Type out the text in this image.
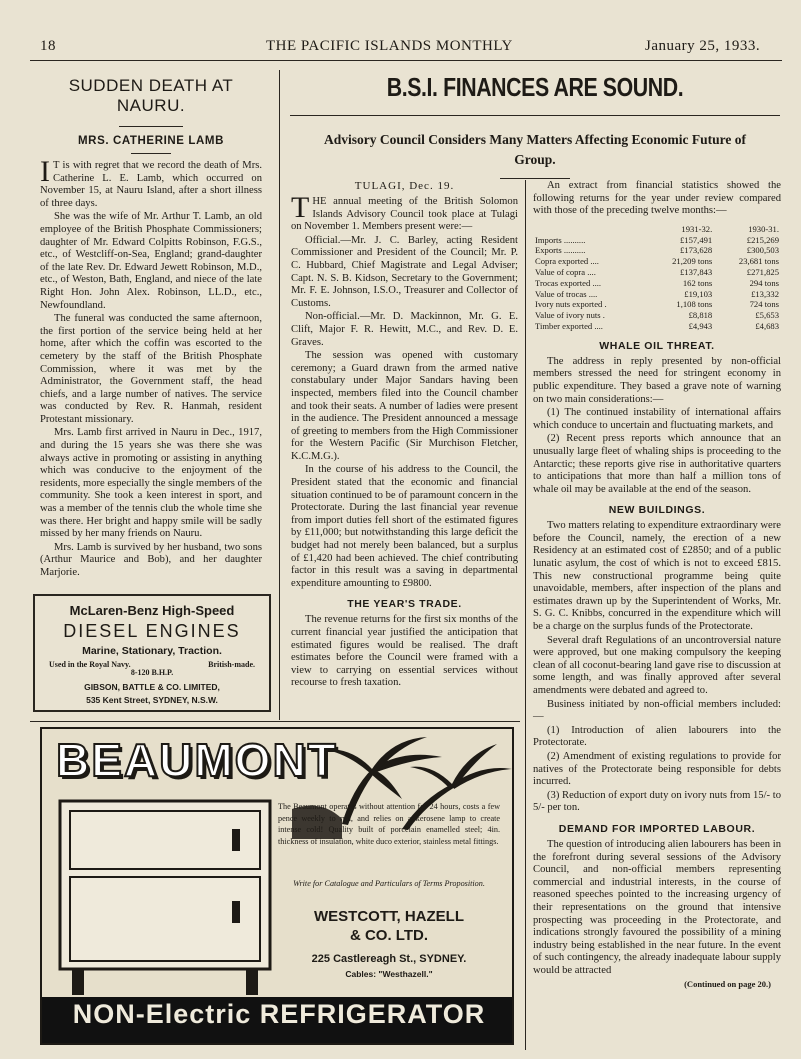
18	THE PACIFIC ISLANDS MONTHLY	January 25, 1933.
SUDDEN DEATH AT NAURU.
MRS. CATHERINE LAMB

I T is with regret that we record the death of Mrs. Catherine L. E. Lamb, which occurred on November 15, at Nauru Island, after a short illness of three days.

She was the wife of Mr. Arthur T. Lamb, an old employee of the British Phosphate Commissioners; daughter of Mr. Edward Colpitts Robinson, F.G.S., etc., of Westcliff-on-Sea, England; grand-daughter of the late Rev. Dr. Edward Jewett Robinson, M.D., etc., of Weston, Bath, England, and niece of the late Right Hon. John Alex. Robinson, LL.D., etc., Newfoundland.

The funeral was conducted the same afternoon, the first portion of the service being held at her home, after which the coffin was escorted to the cemetery by the staff of the British Phosphate Commission, where it was met by the Administrator, the Government staff, the head chiefs, and a large number of natives. The service was conducted by Rev. R. Hanmah, resident Protestant missionary.

Mrs. Lamb first arrived in Nauru in Dec., 1917, and during the 15 years she was there she was always active in promoting or assisting in anything which was conducive to the enjoyment of the residents, more especially the single members of the community. She took a keen interest in sport, and was a member of the tennis club the whole time she was there. Her bright and happy smile will be sadly missed by her many friends on Nauru.

Mrs. Lamb is survived by her husband, two sons (Arthur Maurice and Bob), and her daughter Marjorie.

McLaren-Benz High-Speed
DIESEL ENGINES
Marine, Stationary, Traction.
Used in the Royal Navy.	British-made.
8-120 B.H.P.
GIBSON, BATTLE & CO. LIMITED,
535 Kent Street, SYDNEY, N.S.W.
B.S.I. FINANCES ARE SOUND.
Advisory Council Considers Many Matters Affecting Economic Future of Group.
TULAGI, Dec. 19.

THE annual meeting of the British Solomon Islands Advisory Council took place at Tulagi on November 1. Members present were:—

Official.—Mr. J. C. Barley, acting Resident Commissioner and President of the Council; Mr. P. C. Hubbard, Chief Magistrate and Legal Adviser; Capt. N. S. B. Kidson, Secretary to the Government; Mr. F. E. Johnson, I.S.O., Treasurer and Collector of Customs.

Non-official.—Mr. D. Mackinnon, Mr. G. E. Clift, Major F. R. Hewitt, M.C., and Rev. D. E. Graves.

The session was opened with customary ceremony; a Guard drawn from the armed native constabulary under Major Sandars having been inspected, members filed into the Council chamber and took their seats. A number of ladies were present in the audience. The President announced a message of greeting to members from the High Commissioner for the Western Pacific (Sir Murchison Fletcher, K.C.M.G.).

In the course of his address to the Council, the President stated that the economic and financial situation continued to be of paramount concern in the Protectorate. During the last financial year revenue from import duties fell short of the estimated figures by £11,000; but notwithstanding this large deficit the budget had not merely been balanced, but a surplus of £1,420 had been achieved. The chief contributing factor in this result was a saving in departmental expenditure amounting to £9800.

THE YEAR'S TRADE.

The revenue returns for the first six months of the current financial year justified the anticipation that estimated figures would be realised. The draft estimates before the Council were framed with a view to carrying on essential services without recourse to fresh taxation.

An extract from financial statistics showed the following returns for the year under review compared with those of the preceding twelve months:—

	1931-32.	1930-31.
Imports ..........	£157,491	£215,269
Exports ..........	£173,628	£300,503
Copra exported ....	21,209 tons	23,681 tons
Value of copra ....	£137,843	£271,825
Trocas exported ....	162 tons	294 tons
Value of trocas ....	£19,103	£13,332
Ivory nuts exported .	1,108 tons	724 tons
Value of ivory nuts .	£8,818	£5,653
Timber exported ....	£4,943	£4,683
WHALE OIL THREAT.

The address in reply presented by non-official members stressed the need for stringent economy in public expenditure. They based a grave note of warning on two main considerations:—

(1) The continued instability of international affairs which conduce to uncertain and fluctuating markets, and

(2) Recent press reports which announce that an unusually large fleet of whaling ships is proceeding to the Antarctic; these reports give rise in authoritative quarters to anticipations that more than half a million tons of whale oil may be available at the end of the season.

NEW BUILDINGS.

Two matters relating to expenditure extraordinary were before the Council, namely, the erection of a new Residency at an estimated cost of £2850; and of a public lunatic asylum, the cost of which is not to exceed £815. This new constructional programme being quite unavoidable, members, after inspection of the plans and estimates drawn up by the Superintendent of Works, Mr. S. G. C. Knibbs, concurred in the expenditure which will be a charge on the surplus funds of the Protectorate.

Several draft Regulations of an uncontroversial nature were approved, but one making compulsory the keeping clean of all coconut-bearing land gave rise to discussion at some length, and was finally approved after several amendments were debated and agreed to.

Business initiated by non-official members included:—

(1) Introduction of alien labourers into the Protectorate.

(2) Amendment of existing regulations to provide for natives of the Protectorate being responsible for debts incurred.

(3) Reduction of export duty on ivory nuts from 15/- to 5/- per ton.

DEMAND FOR IMPORTED LABOUR.

The question of introducing alien labourers has been in the forefront during several sessions of the Advisory Council, and non-official members representing commercial and industrial interests, in the course of reasoned speeches pointed to the increasing urgency of their representations on the ground that intensive prospecting was proceeding in the Protectorate, and indications strongly favoured the possibility of a mining industry being established in the near future. In the event of such contingency, the already inadequate labour supply would be attracted

(Continued on page 20.)
BEAUMONT
The Beaumont operates without attention for 24 hours, costs a few pence weekly to run, and relies on a kerosene lamp to create intense cold! Quality built of porcelain enamelled steel; 4in. thickness of insulation, white duco exterior, stainless metal fittings.
Write for Catalogue and Particulars of Terms Proposition.
WESTCOTT, HAZELL
& CO. LTD.
225 Castlereagh St., SYDNEY.
Cables: "Westhazell."
NON-Electric REFRIGERATOR
